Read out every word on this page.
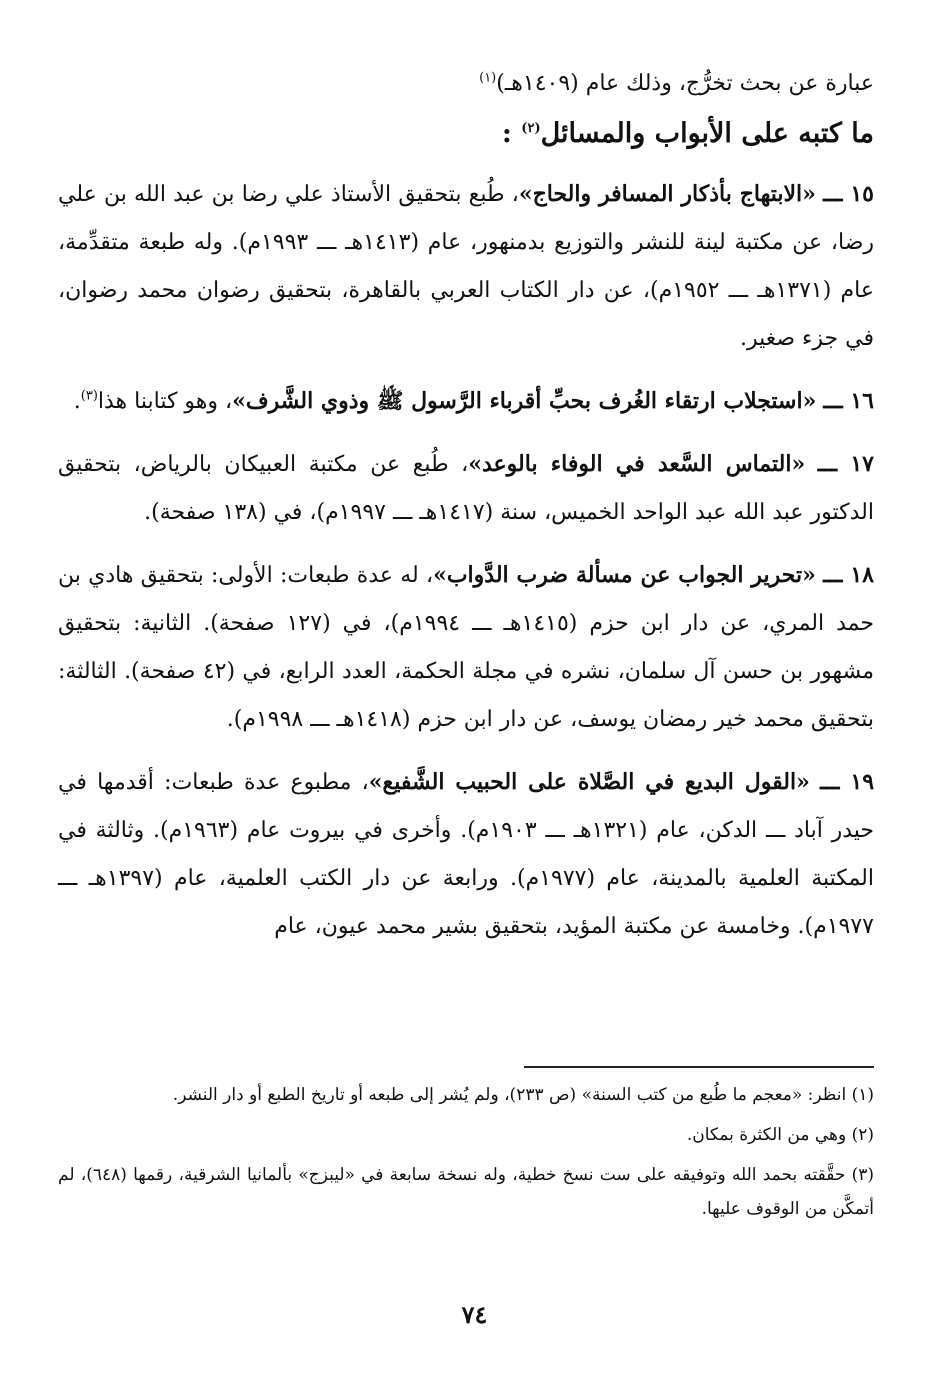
عبارة عن بحث تخرُّج، وذلك عام (١٤٠٩هـ)$^{(١)}$

ما كتبه على الأبواب والمسائل$^{(٢)}$ :

١٥ ـــ «الابتهاج بأذكار المسافر والحاج»، طُبع بتحقيق الأستاذ علي رضا بن عبد الله بن علي رضا، عن مكتبة لينة للنشر والتوزيع بدمنهور، عام (١٤١٣هـ ـــ ١٩٩٣م). وله طبعة متقدِّمة، عام (١٣٧١هـ ـــ ١٩٥٢م)، عن دار الكتاب العربي بالقاهرة، بتحقيق رضوان محمد رضوان، في جزء صغير.

١٦ ـــ «استجلاب ارتقاء الغُرف بحبِّ أقرباء الرَّسول ﷺ وذوي الشَّرف»، وهو كتابنا هذا$^{(٣)}$.

١٧ ـــ «التماس السَّعد في الوفاء بالوعد»، طُبع عن مكتبة العبيكان بالرياض، بتحقيق الدكتور عبد الله عبد الواحد الخميس، سنة (١٤١٧هـ ـــ ١٩٩٧م)، في (١٣٨ صفحة).

١٨ ـــ «تحرير الجواب عن مسألة ضرب الدَّواب»، له عدة طبعات: الأولى: بتحقيق هادي بن حمد المري، عن دار ابن حزم (١٤١٥هـ ـــ ١٩٩٤م)، في (١٢٧ صفحة). الثانية: بتحقيق مشهور بن حسن آل سلمان، نشره في مجلة الحكمة، العدد الرابع، في (٤٢ صفحة). الثالثة: بتحقيق محمد خير رمضان يوسف، عن دار ابن حزم (١٤١٨هـ ـــ ١٩٩٨م).

١٩ ـــ «القول البديع في الصَّلاة على الحبيب الشَّفيع»، مطبوع عدة طبعات: أقدمها في حيدر آباد ـــ الدكن، عام (١٣٢١هـ ـــ ١٩٠٣م). وأخرى في بيروت عام (١٩٦٣م). وثالثة في المكتبة العلمية بالمدينة، عام (١٩٧٧م). ورابعة عن دار الكتب العلمية، عام (١٣٩٧هـ ـــ ١٩٧٧م). وخامسة عن مكتبة المؤيد، بتحقيق بشير محمد عيون، عام

(١) انظر: «معجم ما طُبع من كتب السنة» (ص ٢٣٣)، ولم يُشر إلى طبعه أو تاريخ الطبع أو دار النشر.

(٢) وهي من الكثرة بمكان.

(٣) حقَّقته بحمد الله وتوفيقه على ست نسخ خطية، وله نسخة سابعة في «ليبزج» بألمانيا الشرقية، رقمها (٦٤٨)، لم أتمكَّن من الوقوف عليها.

٧٤
